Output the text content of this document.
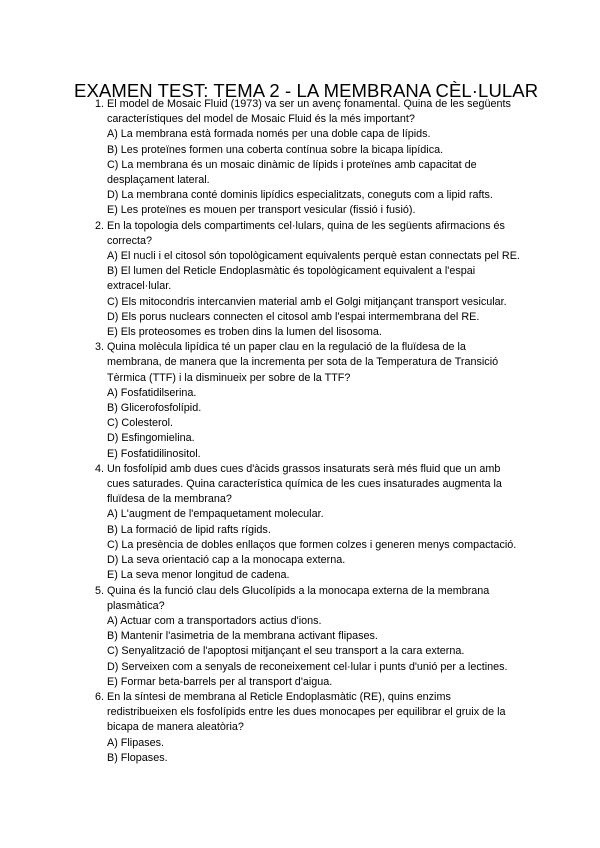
EXAMEN TEST: TEMA 2 - LA MEMBRANA CÈL·LULAR
1. El model de Mosaic Fluid (1973) va ser un avenç fonamental. Quina de les següents característiques del model de Mosaic Fluid és la més important?
A) La membrana està formada només per una doble capa de lípids.
B) Les proteïnes formen una coberta contínua sobre la bicapa lipídica.
C) La membrana és un mosaic dinàmic de lípids i proteïnes amb capacitat de desplaçament lateral.
D) La membrana conté dominis lipídics especialitzats, coneguts com a lipid rafts.
E) Les proteïnes es mouen per transport vesicular (fissió i fusió).
2. En la topologia dels compartiments cel·lulars, quina de les següents afirmacions és correcta?
A) El nucli i el citosol són topològicament equivalents perquè estan connectats pel RE.
B) El lumen del Reticle Endoplasmàtic és topològicament equivalent a l'espai extracel·lular.
C) Els mitocondris intercanvien material amb el Golgi mitjançant transport vesicular.
D) Els porus nuclears connecten el citosol amb l'espai intermembrana del RE.
E) Els proteosomes es troben dins la lumen del lisosoma.
3. Quina molècula lipídica té un paper clau en la regulació de la fluïdesa de la membrana, de manera que la incrementa per sota de la Temperatura de Transició Tèrmica (TTF) i la disminueix per sobre de la TTF?
A) Fosfatidilserina.
B) Glicerofosfolípid.
C) Colesterol.
D) Esfingomielina.
E) Fosfatidilinositol.
4. Un fosfolípid amb dues cues d'àcids grassos insaturats serà més fluid que un amb cues saturades. Quina característica química de les cues insaturades augmenta la fluïdesa de la membrana?
A) L'augment de l'empaquetament molecular.
B) La formació de lipid rafts rígids.
C) La presència de dobles enllaços que formen colzes i generen menys compactació.
D) La seva orientació cap a la monocapa externa.
E) La seva menor longitud de cadena.
5. Quina és la funció clau dels Glucolípids a la monocapa externa de la membrana plasmàtica?
A) Actuar com a transportadors actius d'ions.
B) Mantenir l'asimetria de la membrana activant flipases.
C) Senyalització de l'apoptosi mitjançant el seu transport a la cara externa.
D) Serveixen com a senyals de reconeixement cel·lular i punts d'unió per a lectines.
E) Formar beta-barrels per al transport d'aigua.
6. En la síntesi de membrana al Reticle Endoplasmàtic (RE), quins enzims redistribueixen els fosfolípids entre les dues monocapes per equilibrar el gruix de la bicapa de manera aleatòria?
A) Flipases.
B) Flopases.
